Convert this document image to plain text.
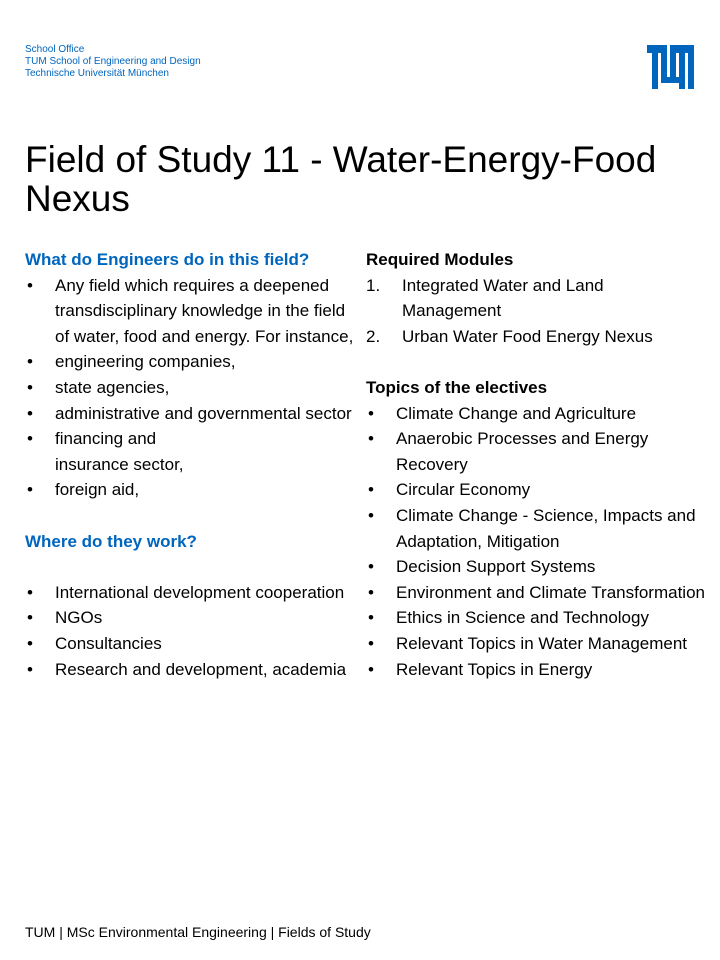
School Office
TUM School of Engineering and Design
Technische Universität München
Field of Study 11 - Water-Energy-Food Nexus
What do Engineers do in this field?
• Any field which requires a deepened transdisciplinary knowledge in the field of water, food and energy. For instance,
• engineering companies,
• state agencies,
• administrative and governmental sector
• financing and insurance sector,
• foreign aid,
Where do they work?
• International development cooperation
• NGOs
• Consultancies
• Research and development, academia
Required Modules
1. Integrated Water and Land Management
2. Urban Water Food Energy Nexus
Topics of the electives
• Climate Change and Agriculture
• Anaerobic Processes and Energy Recovery
• Circular Economy
• Climate Change - Science, Impacts and Adaptation, Mitigation
• Decision Support Systems
• Environment and Climate Transformation
• Ethics in Science and Technology
• Relevant Topics in Water Management
• Relevant Topics in Energy
TUM | MSc Environmental Engineering | Fields of Study
